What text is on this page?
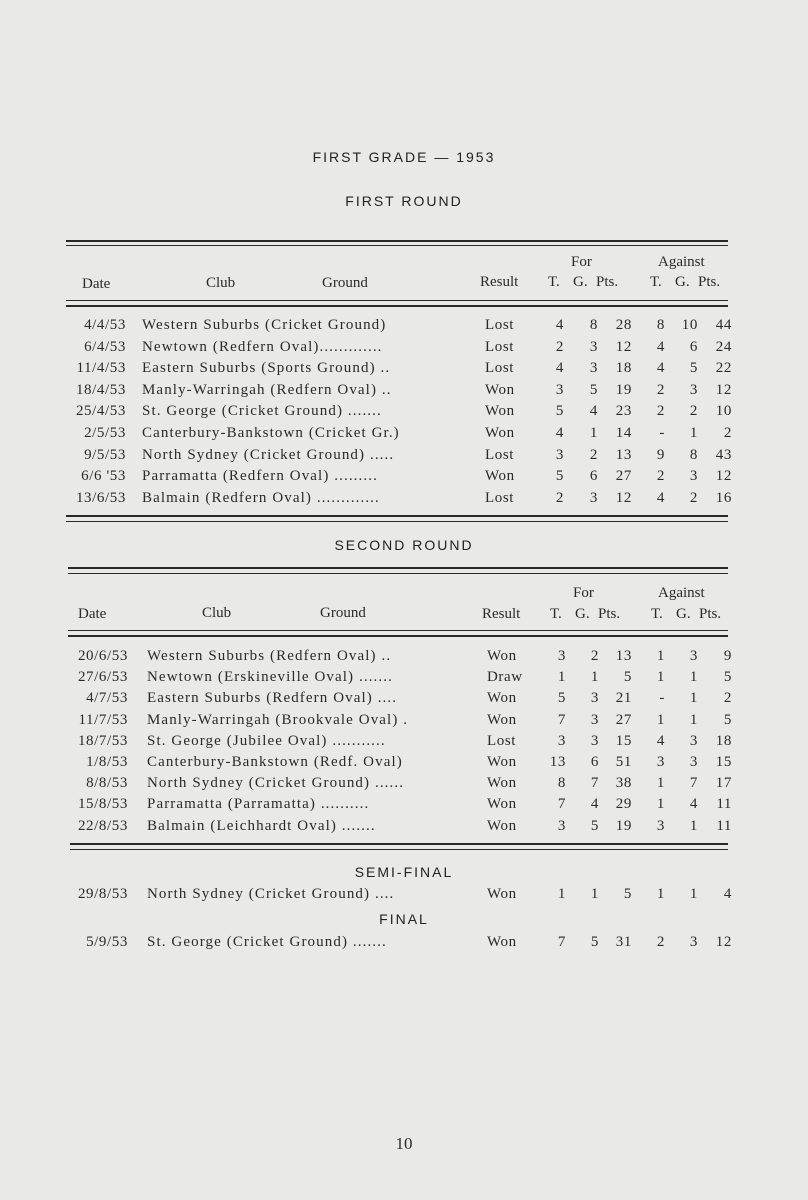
FIRST GRADE — 1953
FIRST ROUND
For	Against
Date	Club	Ground	Result T. G. Pts. T. G. Pts.
4/4/53 Western Suburbs (Cricket Ground)	Lost	4 8 28 8 10 44
6/4/53 Newtown (Redfern Oval).............	Lost	2 3 12 4 6 24
11/4/53 Eastern Suburbs (Sports Ground) ..	Lost	4 3 18 4 5 22
18/4/53 Manly-Warringah (Redfern Oval) ..	Won	3 5 19 2 3 12
25/4/53 St. George (Cricket Ground) .......	Won	5 4 23 2 2 10
2/5/53 Canterbury-Bankstown (Cricket Gr.)	Won	4 1 14 - 1 2
9/5/53 North Sydney (Cricket Ground) .....	Lost	3 2 13 9 8 43
6/6 '53 Parramatta (Redfern Oval) .........	Won	5 6 27 2 3 12
13/6/53 Balmain (Redfern Oval) .............	Lost	2 3 12 4 2 16
SECOND ROUND
For	Against
Date	Club	Ground	Result T. G. Pts. T. G. Pts.
20/6/53 Western Suburbs (Redfern Oval) ..	Won	3 2 13 1 3 9
27/6/53 Newtown (Erskineville Oval) .......	Draw 1 1 5 1 1 5
4/7/53 Eastern Suburbs (Redfern Oval) ....	Won	5 3 21 - 1 2
11/7/53 Manly-Warringah (Brookvale Oval) .	Won	7 3 27 1 1 5
18/7/53 St. George (Jubilee Oval) ...........	Lost	3 3 15 4 3 18
1/8/53 Canterbury-Bankstown (Redf. Oval)	Won 13 6 51 3 3 15
8/8/53 North Sydney (Cricket Ground) ......	Won	8 7 38 1 7 17
15/8/53 Parramatta (Parramatta) ..........	Won	7 4 29 1 4 11
22/8/53 Balmain (Leichhardt Oval) .......	Won	3 5 19 3 1 11
SEMI-FINAL
29/8/53 North Sydney (Cricket Ground) ....	Won	1 1 5 1 1 4
FINAL
5/9/53 St. George (Cricket Ground) .......	Won	7 5 31 2 3 12
10
